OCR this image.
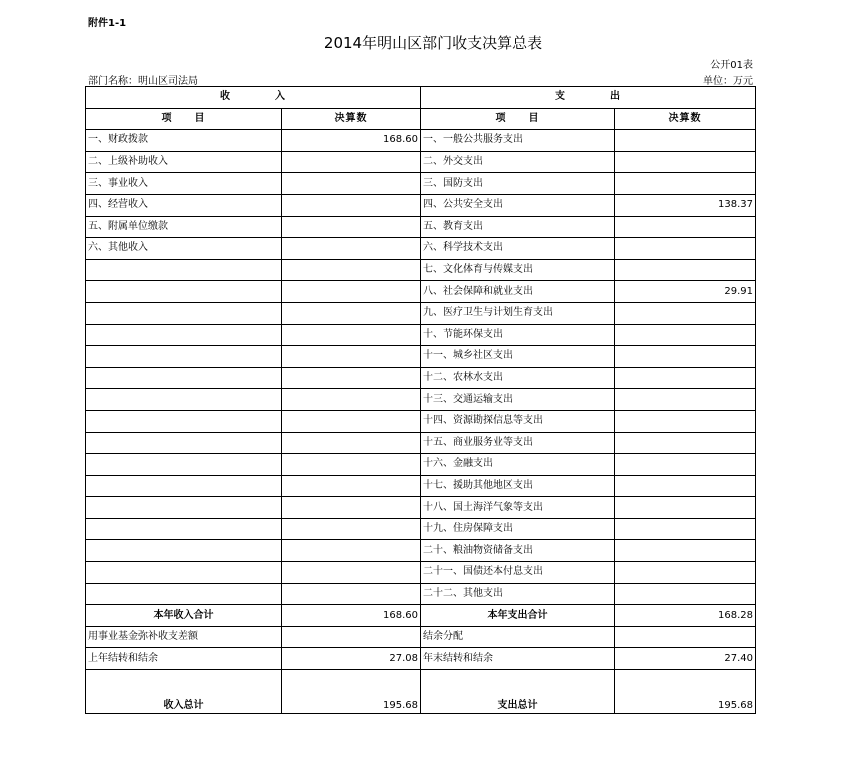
附件1-1
2014年明山区部门收支决算总表
公开01表
部门名称：明山区司法局	单位：万元
收　　　　入		支　　　　出	
项　　目	决算数	项　　目	决算数
一、财政拨款	168.60	一、一般公共服务支出	
二、上级补助收入		二、外交支出	
三、事业收入		三、国防支出	
四、经营收入		四、公共安全支出	138.37
五、附属单位缴款		五、教育支出	
六、其他收入		六、科学技术支出	
		七、文化体育与传媒支出	
		八、社会保障和就业支出	29.91
		九、医疗卫生与计划生育支出	
		十、节能环保支出	
		十一、城乡社区支出	
		十二、农林水支出	
		十三、交通运输支出	
		十四、资源勘探信息等支出	
		十五、商业服务业等支出	
		十六、金融支出	
		十七、援助其他地区支出	
		十八、国土海洋气象等支出	
		十九、住房保障支出	
		二十、粮油物资储备支出	
		二十一、国债还本付息支出	
		二十二、其他支出	
本年收入合计	168.60	本年支出合计	168.28
用事业基金弥补收支差额		结余分配	
上年结转和结余	27.08	年末结转和结余	27.40
收入总计	195.68	支出总计	195.68
